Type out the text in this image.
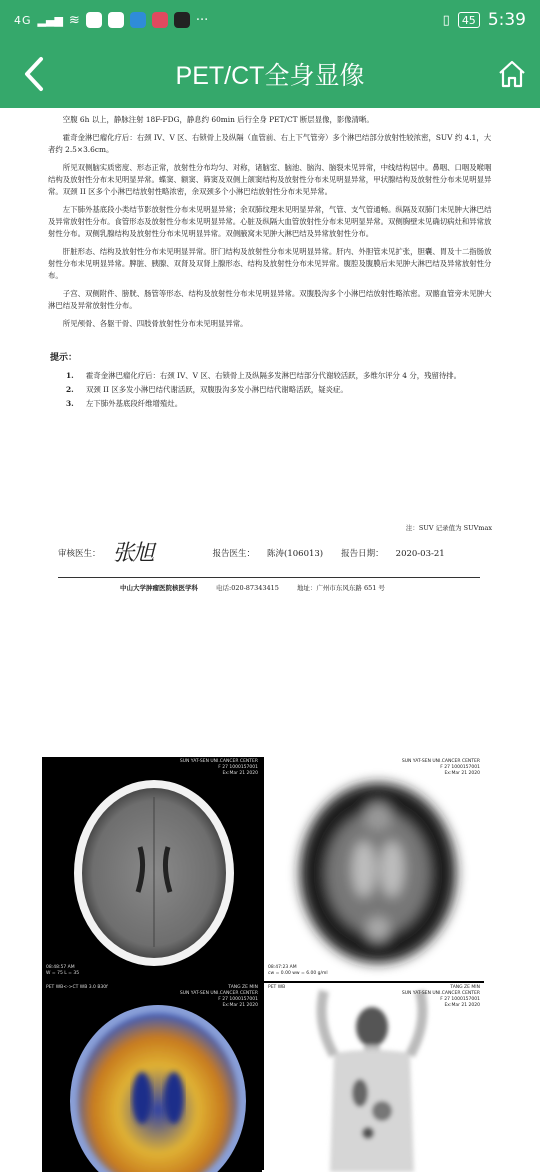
4G ▂▄▆ ≋	···	▯ 45 5:39
PET/CT全身显像

空腹 6h 以上，静脉注射 18F-FDG，静息约 60min 后行全身 PET/CT 断层显像，影像清晰。

霍奇金淋巴瘤化疗后：右颈 IV、V 区、右锁骨上及纵隔（血管前、右上下气管旁）多个淋巴结部分放射性较浓密，SUV 约 4.1，大者约 2.5×3.6cm。

所见双侧脑实质密度、形态正常，放射性分布均匀、对称，诸脑室、脑池、脑沟、脑裂未见异常，中线结构居中。鼻咽、口咽及喉咽结构及放射性分布未见明显异常。蝶窦、额窦、筛窦及双侧上颌窦结构及放射性分布未见明显异常，甲状腺结构及放射性分布未见明显异常。双颈 II 区多个小淋巴结放射性略浓密，余双颈多个小淋巴结放射性分布未见异常。

左下肺外基底段小类结节影放射性分布未见明显异常；余双肺纹理未见明显异常，气管、支气管通畅。纵隔及双肺门未见肿大淋巴结及异常放射性分布。食管形态及放射性分布未见明显异常。心脏及纵隔大血管放射性分布未见明显异常。双侧胸壁未见确切病灶和异常放射性分布。双侧乳腺结构及放射性分布未见明显异常。双侧腋窝未见肿大淋巴结及异常放射性分布。

肝脏形态、结构及放射性分布未见明显异常。肝门结构及放射性分布未见明显异常。肝内、外胆管未见扩张，胆囊、胃及十二指肠放射性分布未见明显异常。脾脏、胰腺、双肾及双肾上腺形态、结构及放射性分布未见异常。腹腔及腹膜后未见肿大淋巴结及异常放射性分布。

子宫、双侧附件、膀胱、肠管等形态、结构及放射性分布未见明显异常。双腹股沟多个小淋巴结放射性略浓密。双髂血管旁未见肿大淋巴结及异常放射性分布。

所见颅骨、各躯干骨、四肢骨放射性分布未见明显异常。

提示：
1.	霍奇金淋巴瘤化疗后：右颈 IV、V 区、右锁骨上及纵隔多发淋巴结部分代谢较活跃，多维尔评分 4 分，残留待排。
2.	双颈 II 区多发小淋巴结代谢活跃，双腹股沟多发小淋巴结代谢略活跃，疑炎症。
3.	左下肺外基底段纤维增殖灶。
注：SUV 记录值为 SUVmax
审核医生： 张旭	报告医生： 陈涛(106013) 报告日期： 2020-03-21
中山大学肿瘤医院核医学科	电话:020-87343415	地址：广州市东风东路 651 号
SUN YAT-SEN UNI.CANCER CENTER
F 27 1000157001
Ex:Mar 21 2020
08:48:57 AM
W = 75 L = 35
SUN YAT-SEN UNI.CANCER CENTER
F 27 1000157001
Ex:Mar 21 2020
08:47:23 AM
cw = 0.00 ww = 6.00 g/ml
PET WB<->CT WB 3.0 B30f	TANG ZE MIN
SUN YAT-SEN UNI.CANCER CENTER
F 27 1000157001
Ex:Mar 21 2020
PET WB	TANG ZE MIN
SUN YAT-SEN UNI.CANCER CENTER
F 27 1000157001
Ex:Mar 21 2020
